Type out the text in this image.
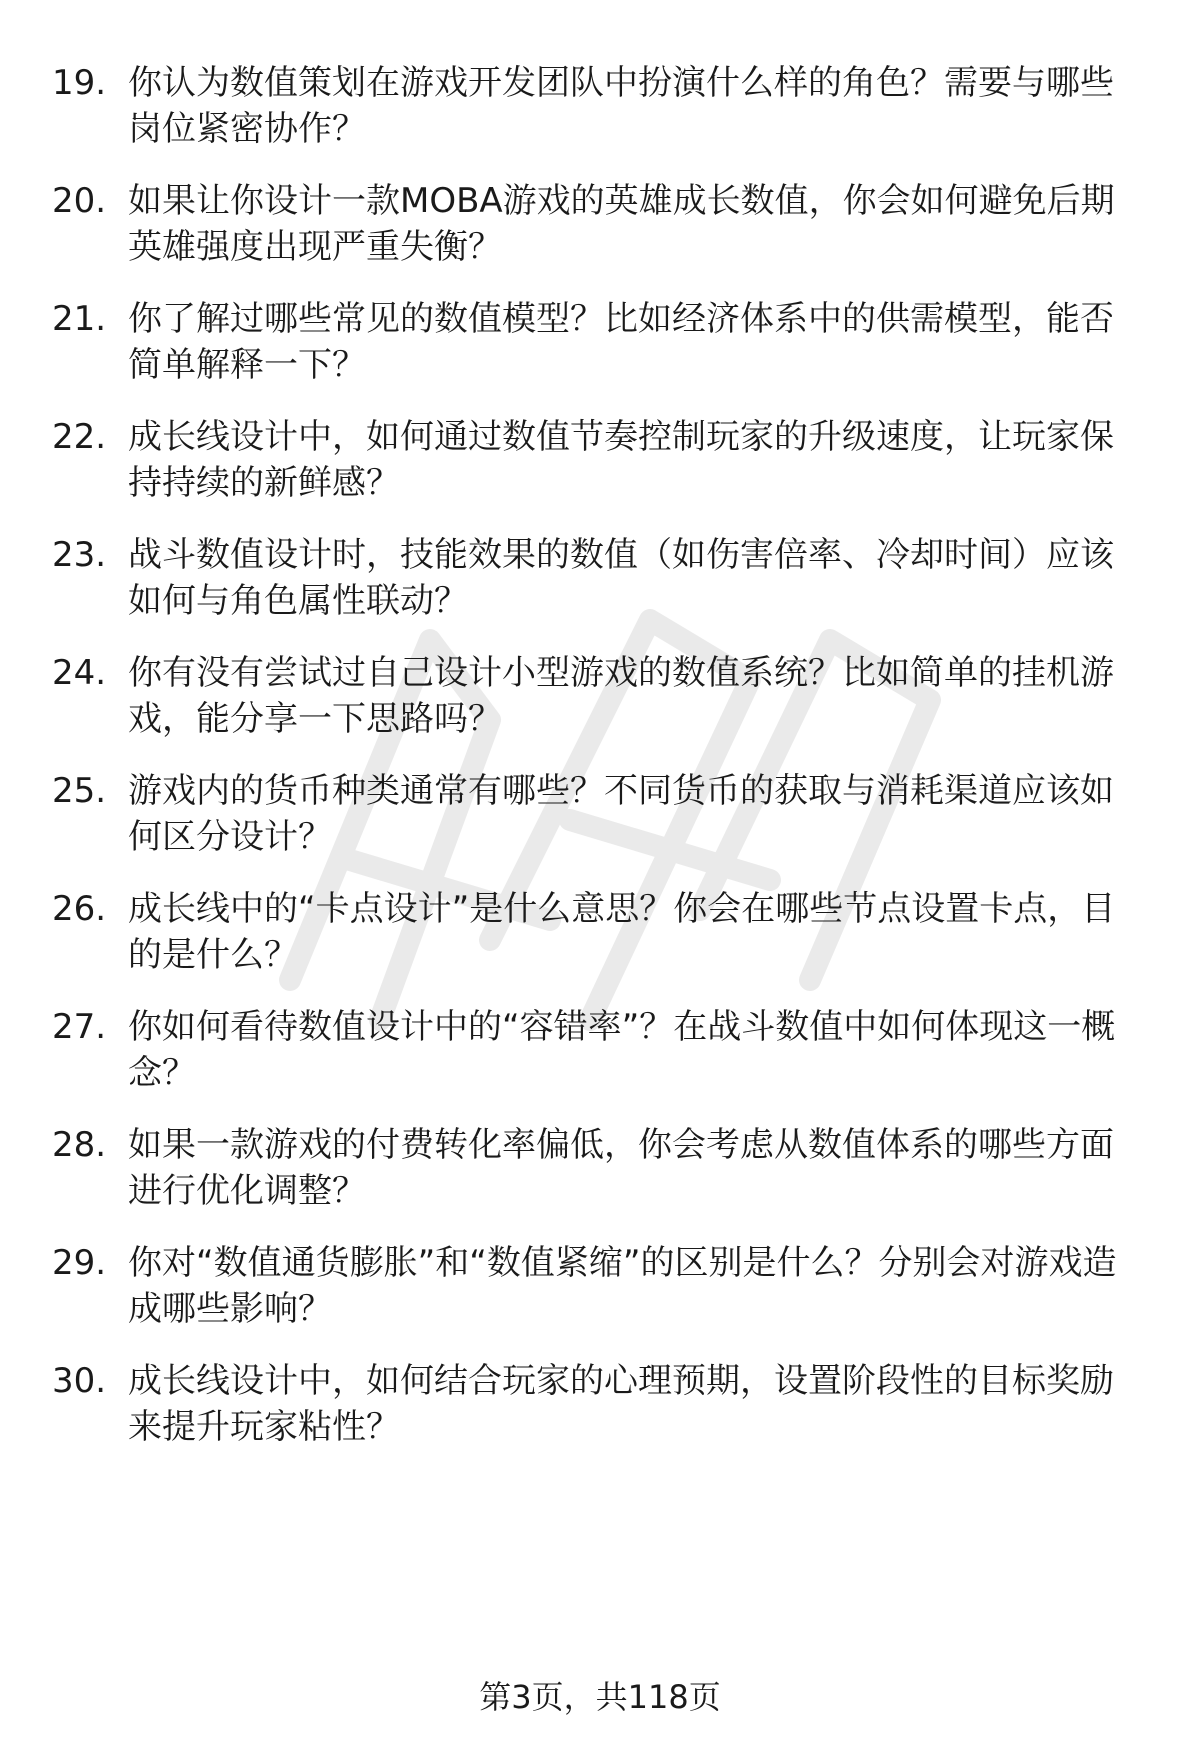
19. 你认为数值策划在游戏开发团队中扮演什么样的角色？需要与哪些岗位紧密协作？
20. 如果让你设计一款MOBA游戏的英雄成长数值，你会如何避免后期英雄强度出现严重失衡？
21. 你了解过哪些常见的数值模型？比如经济体系中的供需模型，能否简单解释一下？
22. 成长线设计中，如何通过数值节奏控制玩家的升级速度，让玩家保持持续的新鲜感？
23. 战斗数值设计时，技能效果的数值（如伤害倍率、冷却时间）应该如何与角色属性联动？
24. 你有没有尝试过自己设计小型游戏的数值系统？比如简单的挂机游戏，能分享一下思路吗？
25. 游戏内的货币种类通常有哪些？不同货币的获取与消耗渠道应该如何区分设计？
26. 成长线中的“卡点设计”是什么意思？你会在哪些节点设置卡点，目的是什么？
27. 你如何看待数值设计中的“容错率”？在战斗数值中如何体现这一概念？
28. 如果一款游戏的付费转化率偏低，你会考虑从数值体系的哪些方面进行优化调整？
29. 你对“数值通货膨胀”和“数值紧缩”的区别是什么？分别会对游戏造成哪些影响？
30. 成长线设计中，如何结合玩家的心理预期，设置阶段性的目标奖励来提升玩家粘性？
第3页，共118页
